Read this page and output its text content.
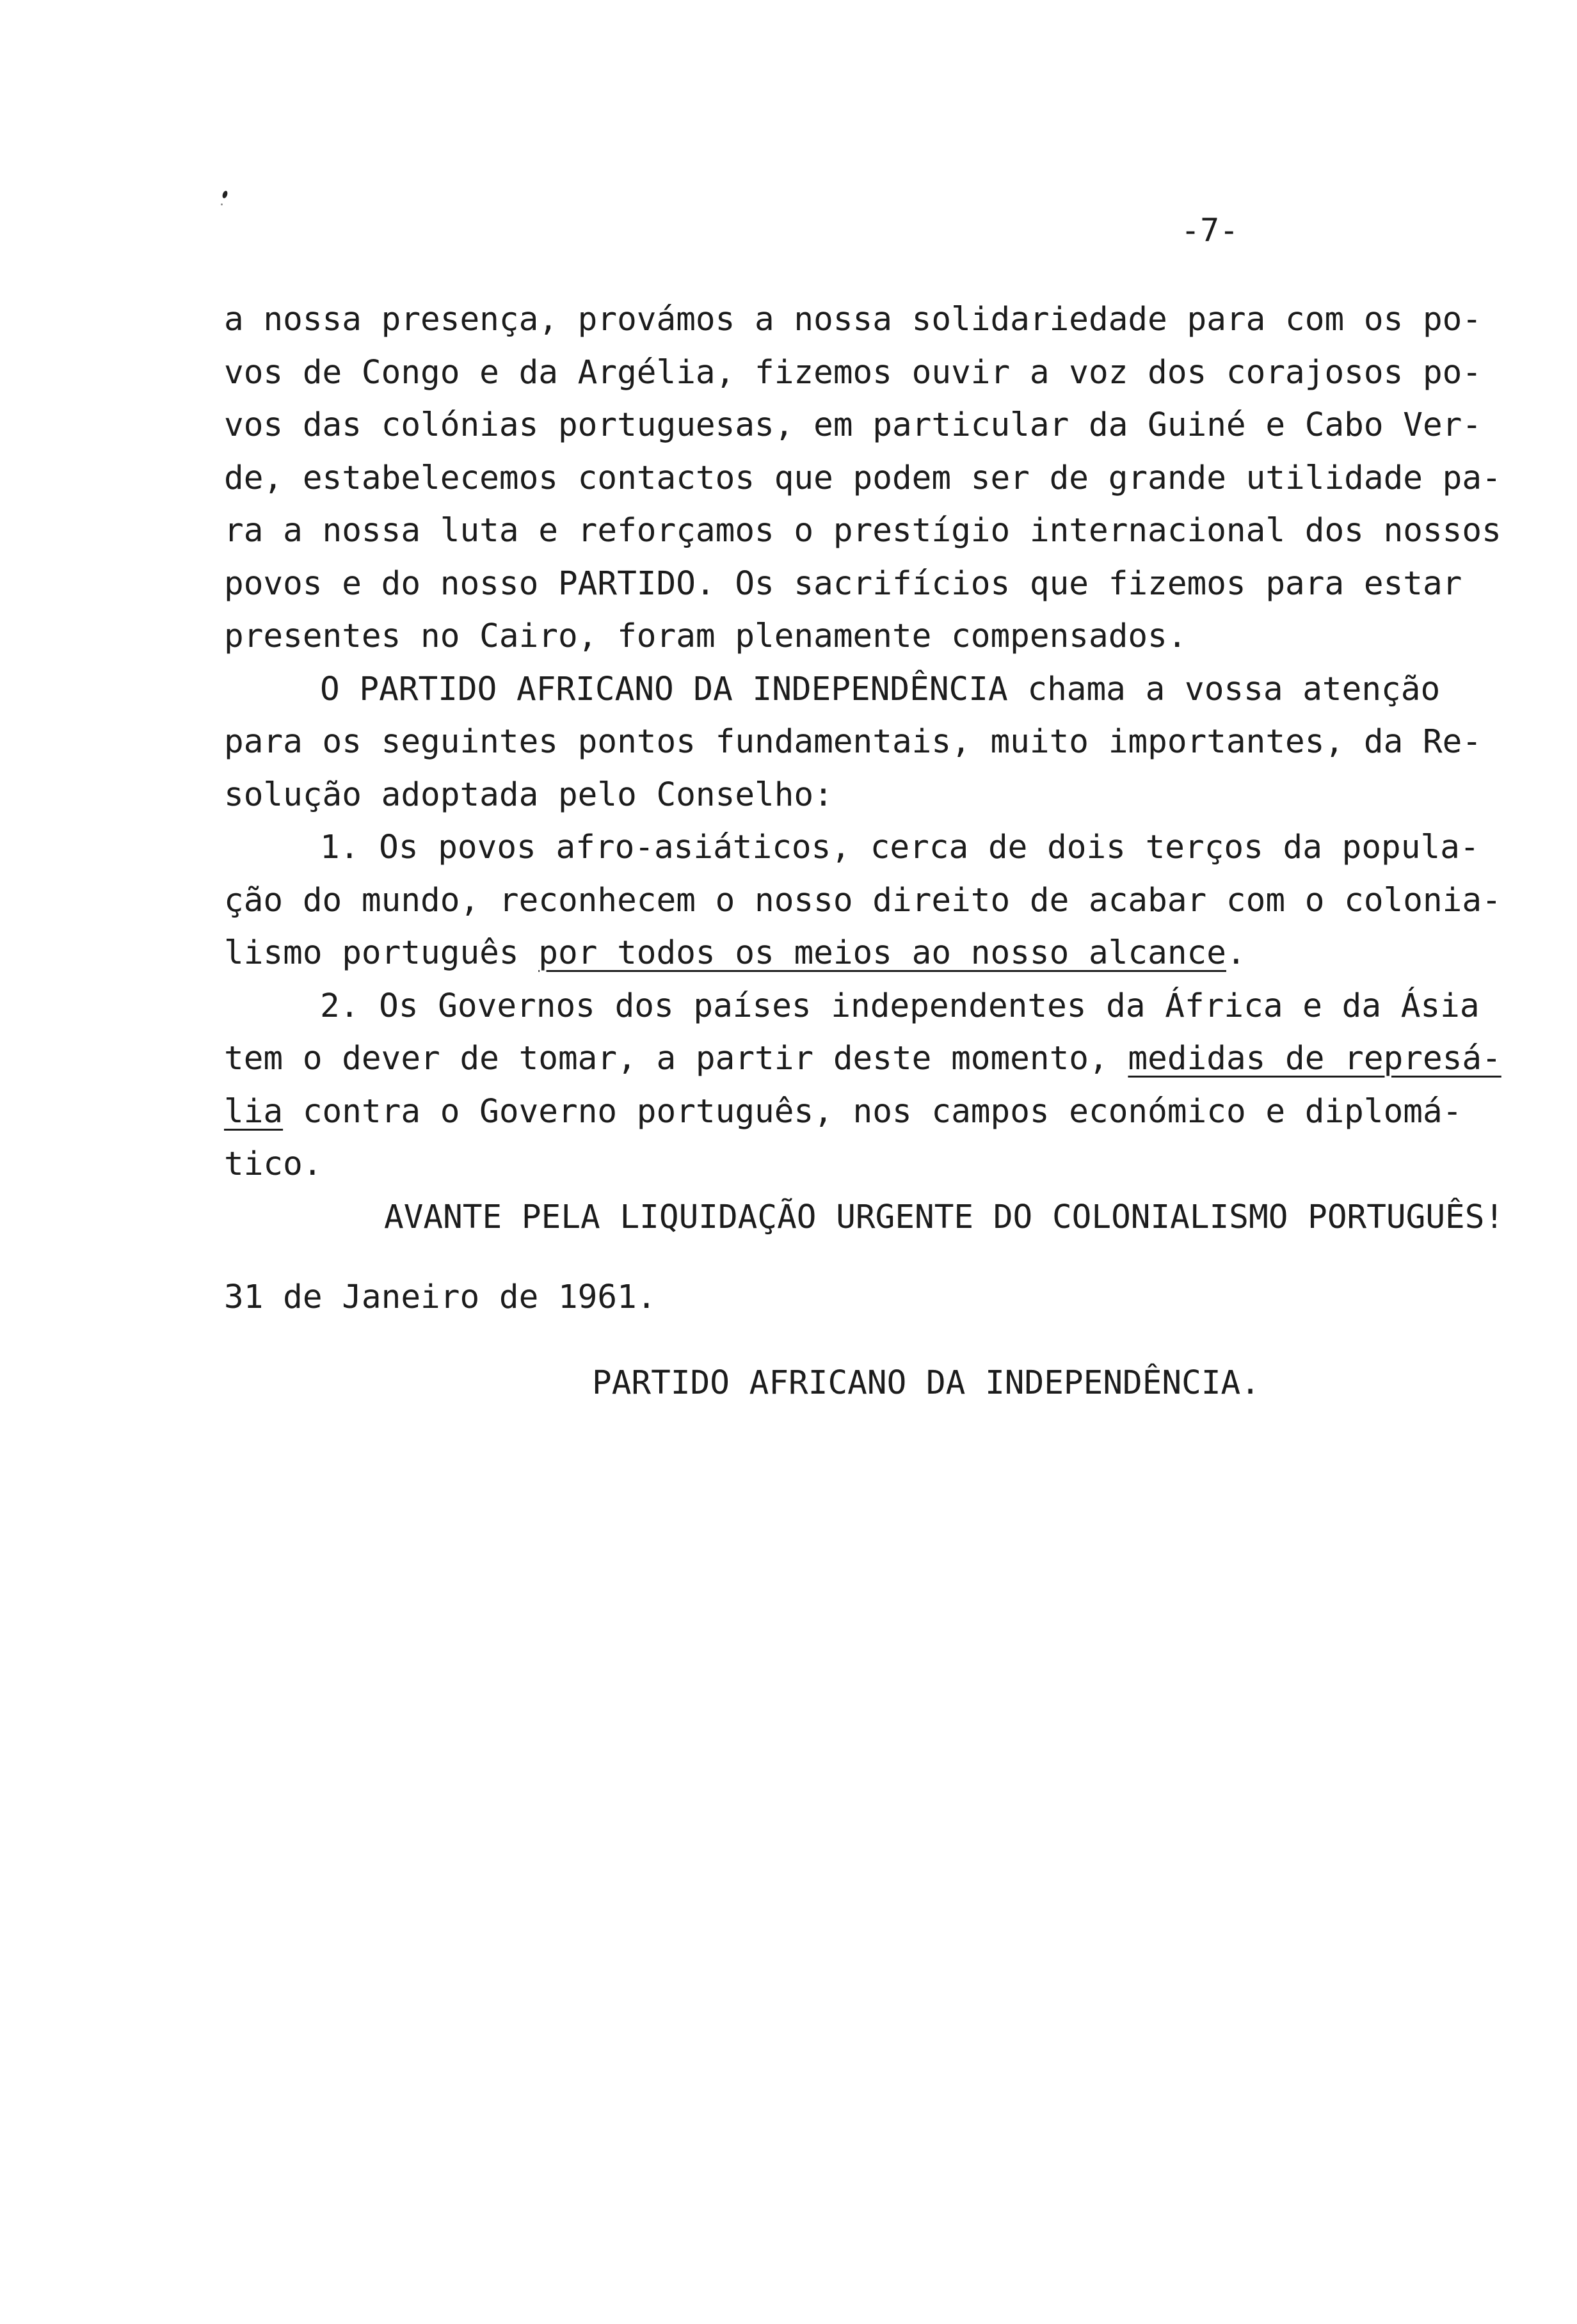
-7-
a nossa presença, provámos a nossa solidariedade para com os po-
vos de Congo e da Argélia, fizemos ouvir a voz dos corajosos po-
vos das colónias portuguesas, em particular da Guiné e Cabo Ver-
de, estabelecemos contactos que podem ser de grande utilidade pa-
ra a nossa luta e reforçamos o prestígio internacional dos nossos
povos e do nosso PARTIDO. Os sacrifícios que fizemos para estar
presentes no Cairo, foram plenamente compensados.
O PARTIDO AFRICANO DA INDEPENDÊNCIA chama a vossa atenção
para os seguintes pontos fundamentais, muito importantes, da Re-
solução adoptada pelo Conselho:
1. Os povos afro-asiáticos, cerca de dois terços da popula-
ção do mundo, reconhecem o nosso direito de acabar com o colonia-
lismo português por todos os meios ao nosso alcance.
2. Os Governos dos países independentes da África e da Ásia
tem o dever de tomar, a partir deste momento, medidas de represá-
lia contra o Governo português, nos campos económico e diplomá-
tico.
AVANTE PELA LIQUIDAÇÃO URGENTE DO COLONIALISMO PORTUGUÊS!
31 de Janeiro de 1961.
PARTIDO AFRICANO DA INDEPENDÊNCIA.
